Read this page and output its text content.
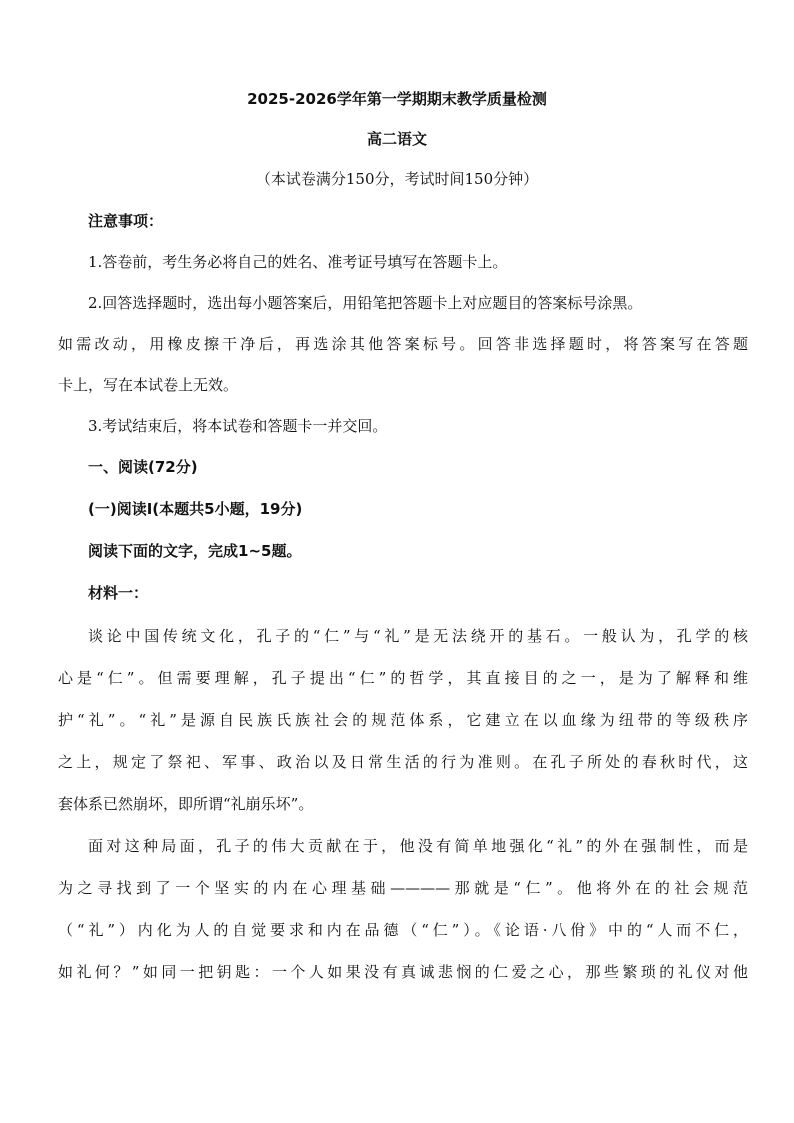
2025-2026学年第一学期期末教学质量检测
高二语文
（本试卷满分150分，考试时间150分钟）
注意事项：
1.答卷前，考生务必将自己的姓名、准考证号填写在答题卡上。
2.回答选择题时，选出每小题答案后，用铅笔把答题卡上对应题目的答案标号涂黑。
如需改动，用橡皮擦干净后，再选涂其他答案标号。回答非选择题时，将答案写在答题
卡上，写在本试卷上无效。
3.考试结束后，将本试卷和答题卡一并交回。
一、阅读(72分)
(一)阅读Ⅰ(本题共5小题，19分)
阅读下面的文字，完成1~5题。
材料一：
谈论中国传统文化，孔子的“仁”与“礼”是无法绕开的基石。一般认为，孔学的核
心是“仁”。但需要理解，孔子提出“仁”的哲学，其直接目的之一，是为了解释和维
护“礼”。“礼”是源自民族氏族社会的规范体系，它建立在以血缘为纽带的等级秩序
之上，规定了祭祀、军事、政治以及日常生活的行为准则。在孔子所处的春秋时代，这
套体系已然崩坏，即所谓“礼崩乐坏”。
面对这种局面，孔子的伟大贡献在于，他没有简单地强化“礼”的外在强制性，而是
为之寻找到了一个坚实的内在心理基础————那就是“仁”。他将外在的社会规范
（“礼”）内化为人的自觉要求和内在品德（“仁”）。《论语·八佾》中的“人而不仁，
如礼何？”如同一把钥匙：一个人如果没有真诚悲悯的仁爱之心，那些繁琐的礼仪对他
